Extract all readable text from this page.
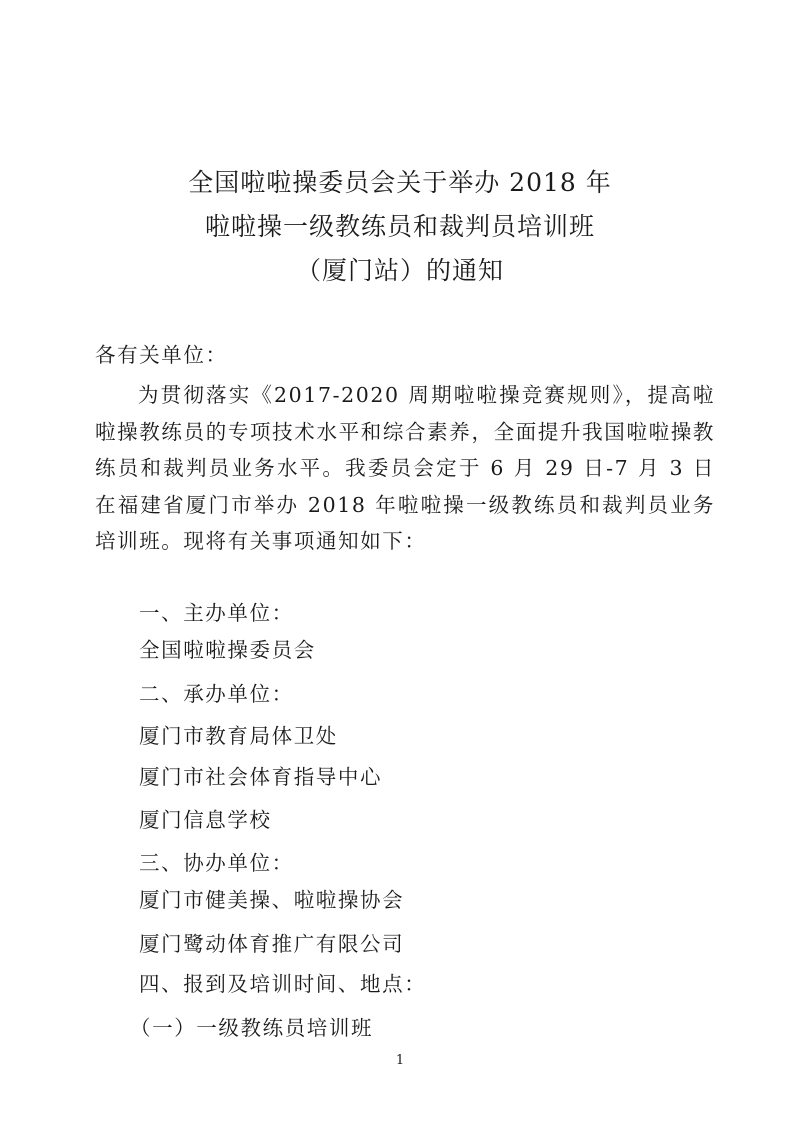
全国啦啦操委员会关于举办 2018 年
啦啦操一级教练员和裁判员培训班
（厦门站）的通知
各有关单位：
为贯彻落实《2017-2020 周期啦啦操竞赛规则》，提高啦啦操教练员的专项技术水平和综合素养，全面提升我国啦啦操教练员和裁判员业务水平。我委员会定于 6 月 29 日-7 月 3 日在福建省厦门市举办 2018 年啦啦操一级教练员和裁判员业务培训班。现将有关事项通知如下：
一、主办单位：
全国啦啦操委员会
二、承办单位：
厦门市教育局体卫处
厦门市社会体育指导中心
厦门信息学校
三、协办单位：
厦门市健美操、啦啦操协会
厦门鹭动体育推广有限公司
四、报到及培训时间、地点：
（一）一级教练员培训班
1
